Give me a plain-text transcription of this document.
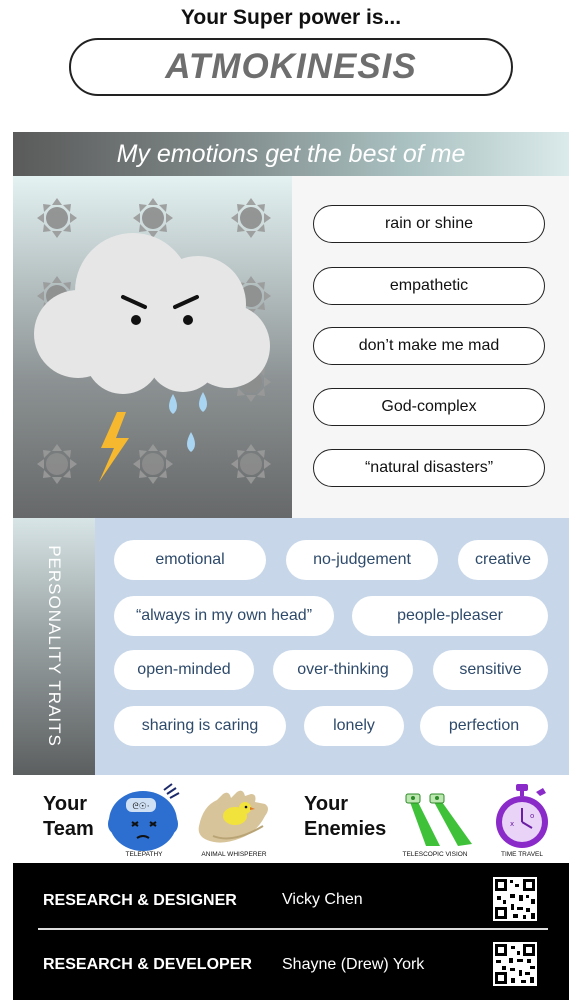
Your Super power is...
ATMOKINESIS
My emotions get the best of me
rain or shine
empathetic
don’t make me mad
God-complex
“natural disasters”
PERSONALITY TRAITS	emotional	no-judgement	creative
“always in my own head”	people-pleaser
open-minded	over-thinking	sensitive
sharing is caring	lonely	perfection
Your
Team
ᘓ☉·
TELEPATHY	ANIMAL WHISPERER
Your
Enemies
TELESCOPIC VISION
x
o
TIME TRAVEL
RESEARCH & DESIGNER	Vicky Chen
RESEARCH & DEVELOPER Shayne (Drew) York
